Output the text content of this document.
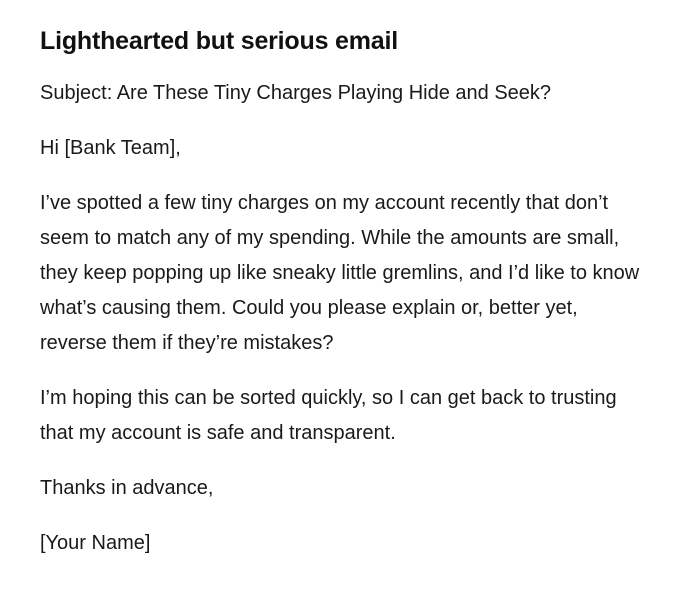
Lighthearted but serious email

Subject: Are These Tiny Charges Playing Hide and Seek?

Hi [Bank Team],

I’ve spotted a few tiny charges on my account recently that don’t seem to match any of my spending. While the amounts are small, they keep popping up like sneaky little gremlins, and I’d like to know what’s causing them. Could you please explain or, better yet, reverse them if they’re mistakes?

I’m hoping this can be sorted quickly, so I can get back to trusting that my account is safe and transparent.

Thanks in advance,

[Your Name]
